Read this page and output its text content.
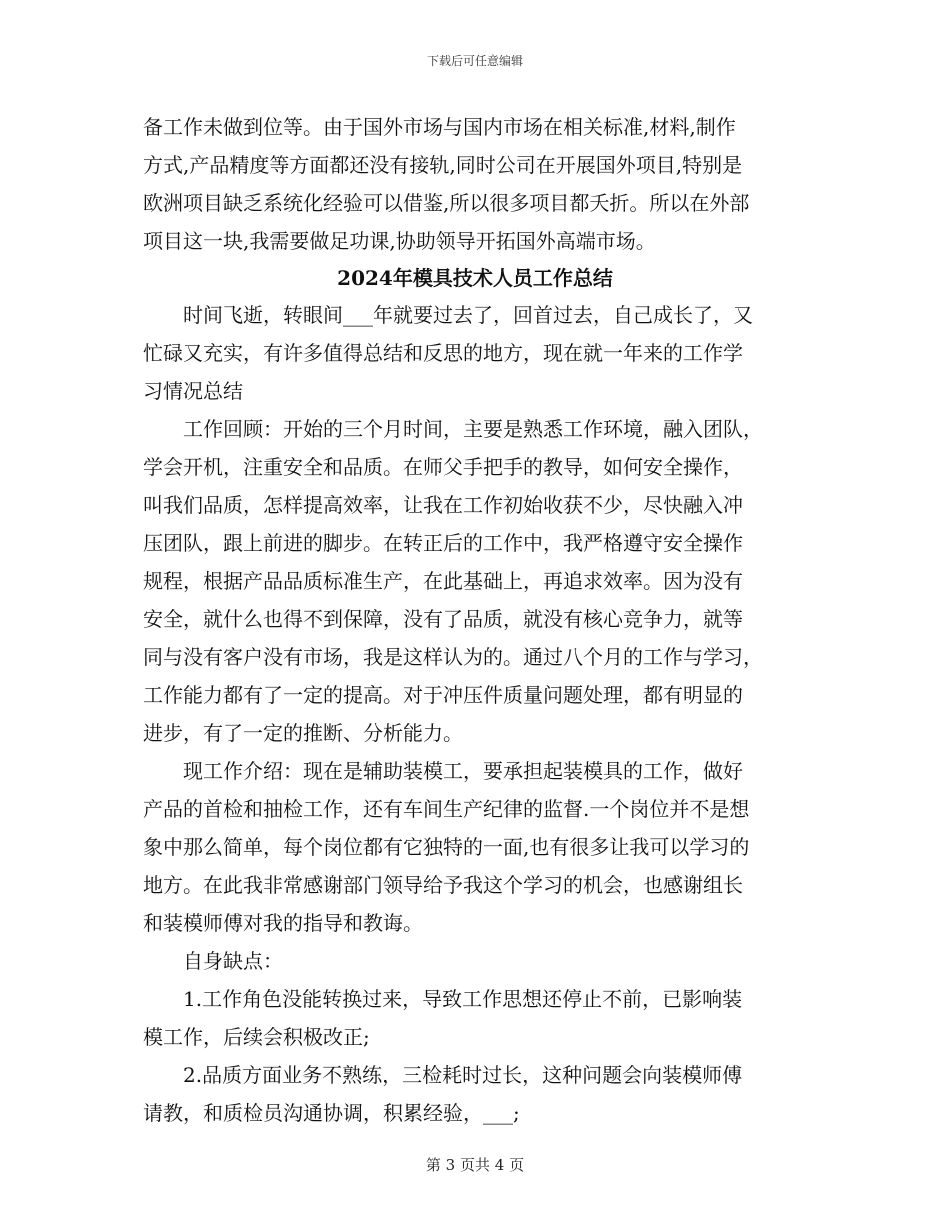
下载后可任意编辑
备工作未做到位等。由于国外市场与国内市场在相关标准,材料,制作
方式,产品精度等方面都还没有接轨,同时公司在开展国外项目,特别是
欧洲项目缺乏系统化经验可以借鉴,所以很多项目都夭折。所以在外部
项目这一块,我需要做足功课,协助领导开拓国外高端市场。
2024年模具技术人员工作总结
时间飞逝，转眼间___年就要过去了，回首过去，自己成长了，又
忙碌又充实，有许多值得总结和反思的地方，现在就一年来的工作学
习情况总结
工作回顾：开始的三个月时间，主要是熟悉工作环境，融入团队，
学会开机，注重安全和品质。在师父手把手的教导，如何安全操作，
叫我们品质，怎样提高效率，让我在工作初始收获不少，尽快融入冲
压团队，跟上前进的脚步。在转正后的工作中，我严格遵守安全操作
规程，根据产品品质标准生产，在此基础上，再追求效率。因为没有
安全，就什么也得不到保障，没有了品质，就没有核心竞争力，就等
同与没有客户没有市场，我是这样认为的。通过八个月的工作与学习，
工作能力都有了一定的提高。对于冲压件质量问题处理，都有明显的
进步，有了一定的推断、分析能力。
现工作介绍：现在是辅助装模工，要承担起装模具的工作，做好
产品的首检和抽检工作，还有车间生产纪律的监督.一个岗位并不是想
象中那么简单，每个岗位都有它独特的一面,也有很多让我可以学习的
地方。在此我非常感谢部门领导给予我这个学习的机会，也感谢组长
和装模师傅对我的指导和教诲。
自身缺点：
1.工作角色没能转换过来，导致工作思想还停止不前，已影响装
模工作，后续会积极改正;
2.品质方面业务不熟练，三检耗时过长，这种问题会向装模师傅
请教，和质检员沟通协调，积累经验，___;
第 3 页共 4 页
